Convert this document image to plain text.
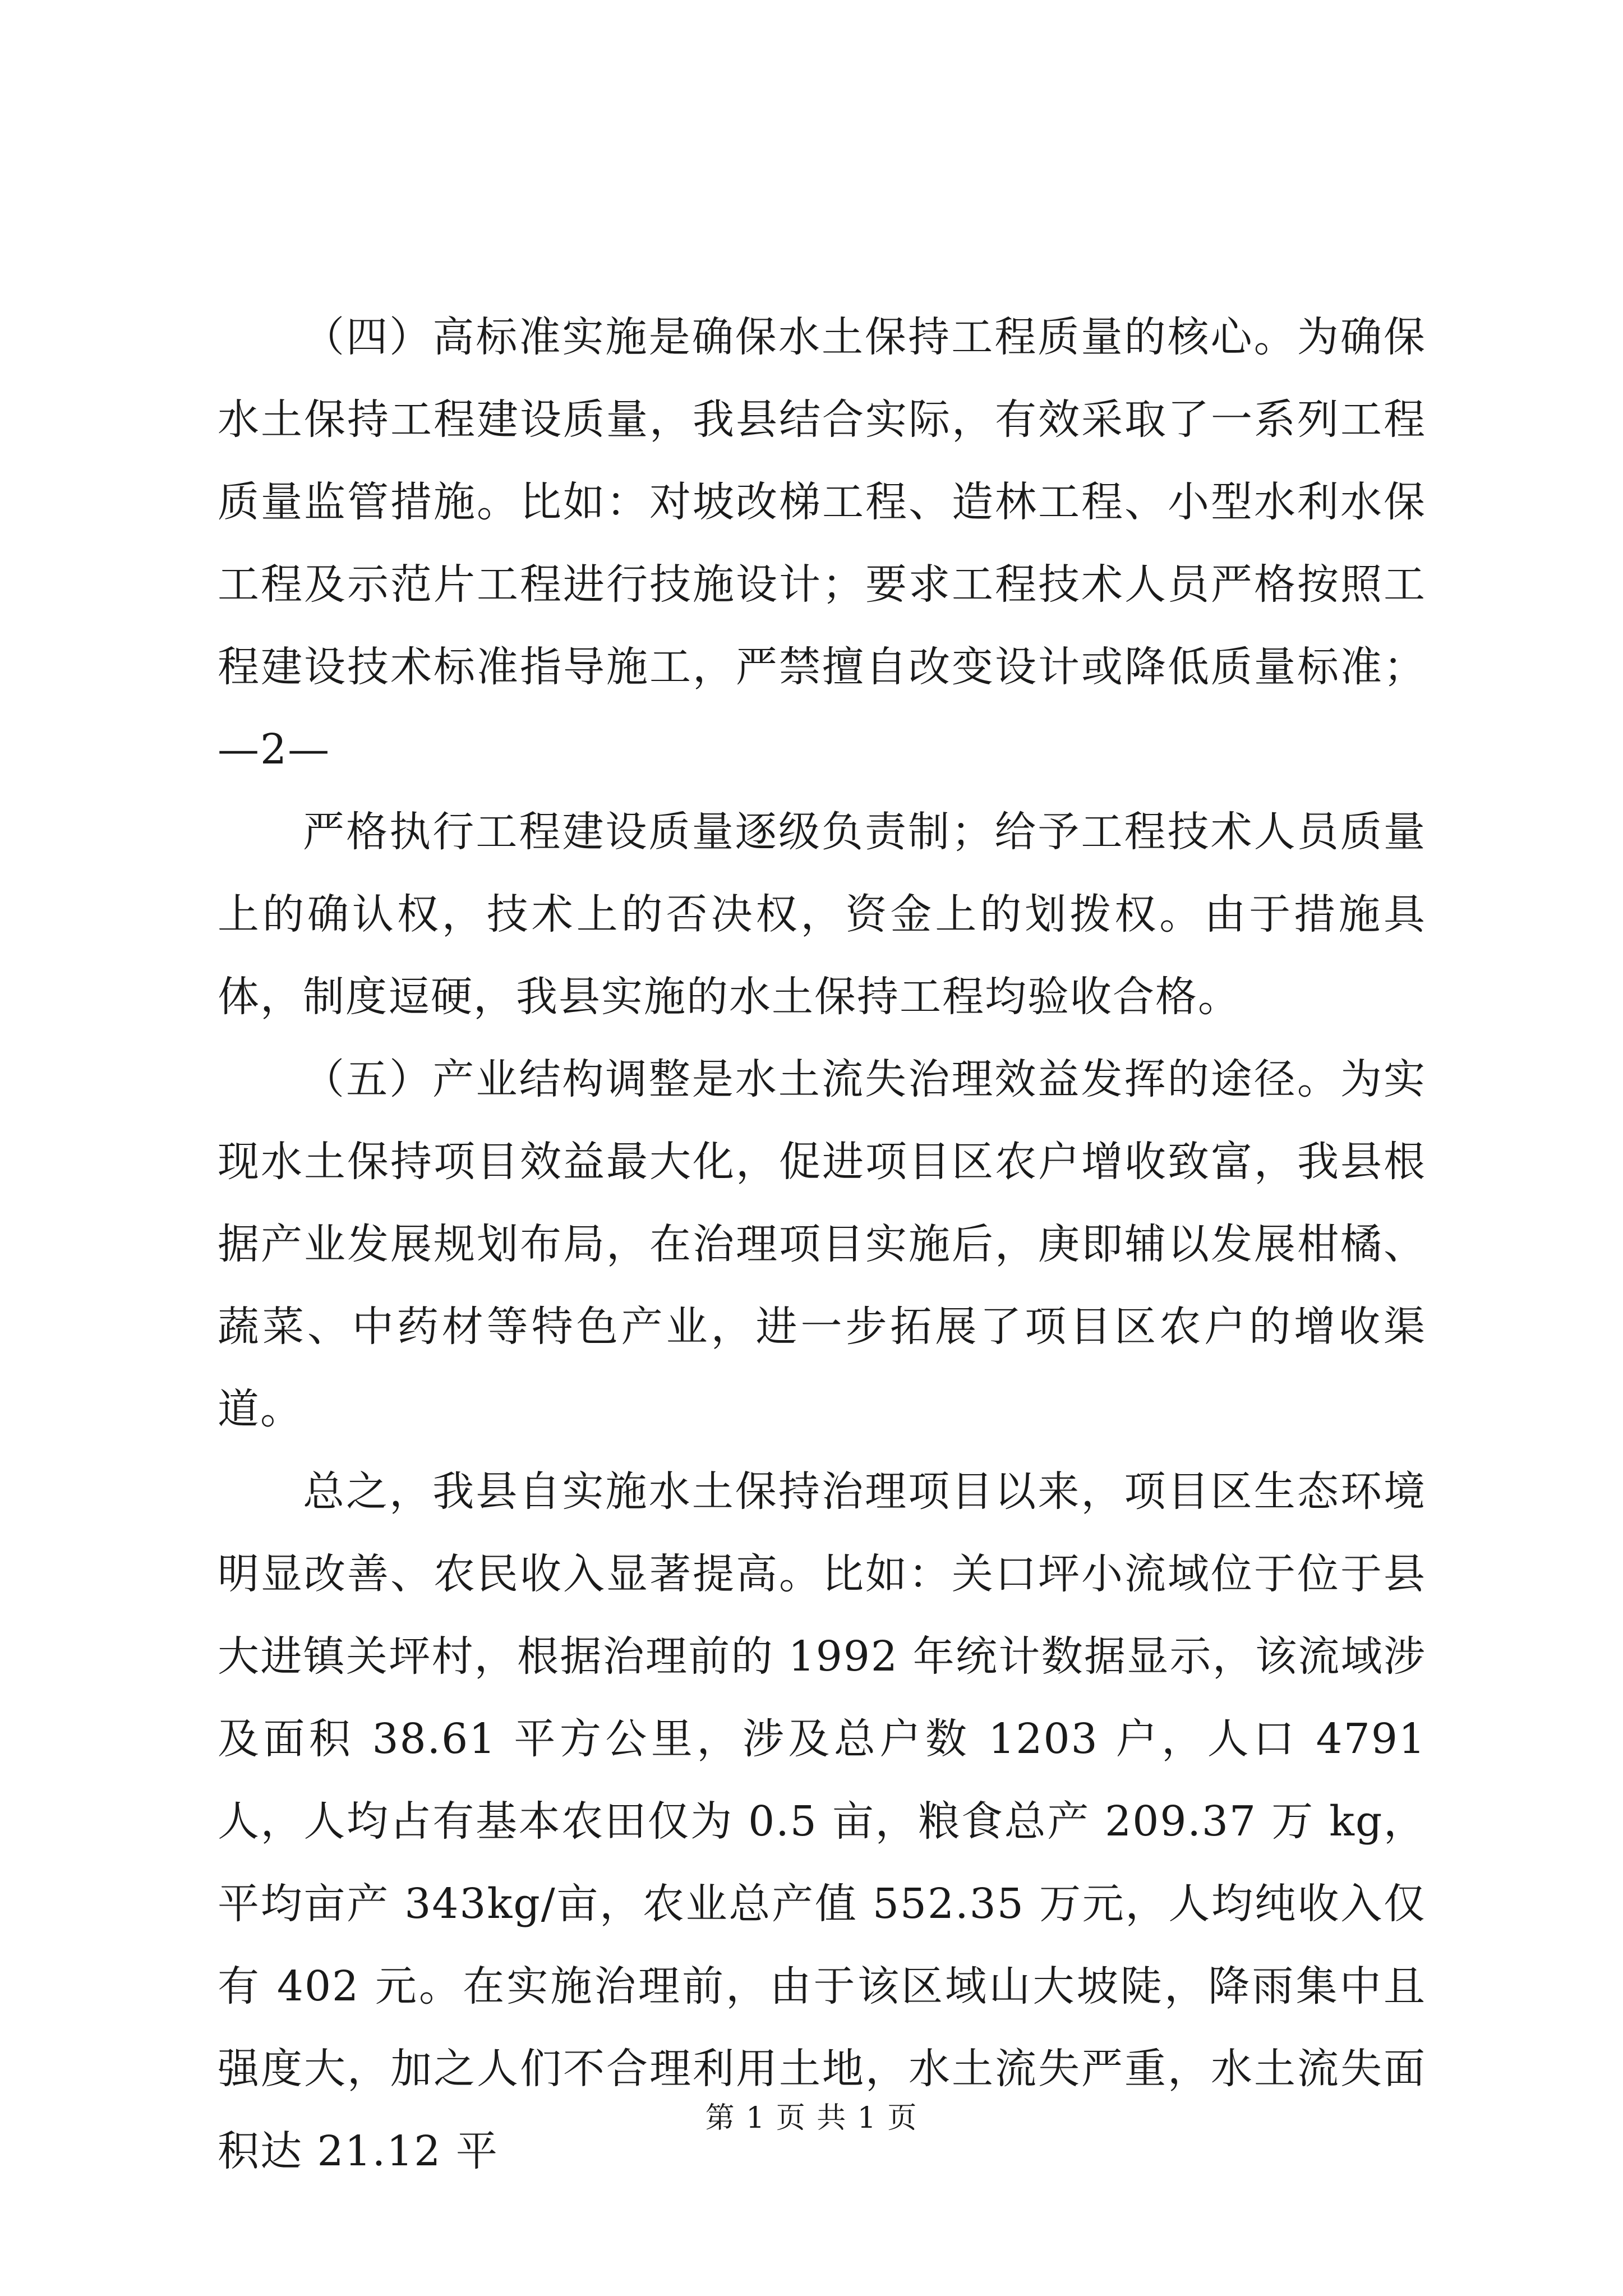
（四）高标准实施是确保水土保持工程质量的核心。为确保水土保持工程建设质量，我县结合实际，有效采取了一系列工程质量监管措施。比如：对坡改梯工程、造林工程、小型水利水保工程及示范片工程进行技施设计；要求工程技术人员严格按照工程建设技术标准指导施工，严禁擅自改变设计或降低质量标准；—2—

严格执行工程建设质量逐级负责制；给予工程技术人员质量上的确认权，技术上的否决权，资金上的划拨权。由于措施具体，制度逗硬，我县实施的水土保持工程均验收合格。

（五）产业结构调整是水土流失治理效益发挥的途径。为实现水土保持项目效益最大化，促进项目区农户增收致富，我县根据产业发展规划布局，在治理项目实施后，庚即辅以发展柑橘、蔬菜、中药材等特色产业，进一步拓展了项目区农户的增收渠道。

总之，我县自实施水土保持治理项目以来，项目区生态环境明显改善、农民收入显著提高。比如：关口坪小流域位于位于县大进镇关坪村，根据治理前的 1992 年统计数据显示，该流域涉及面积 38.61 平方公里，涉及总户数 1203 户，人口 4791 人，人均占有基本农田仅为 0.5 亩，粮食总产 209.37 万 kg，平均亩产 343kg/亩，农业总产值 552.35 万元，人均纯收入仅有 402 元。在实施治理前，由于该区域山大坡陡，降雨集中且强度大，加之人们不合理利用土地，水土流失严重，水土流失面积达 21.12 平

第 1 页 共 1 页
